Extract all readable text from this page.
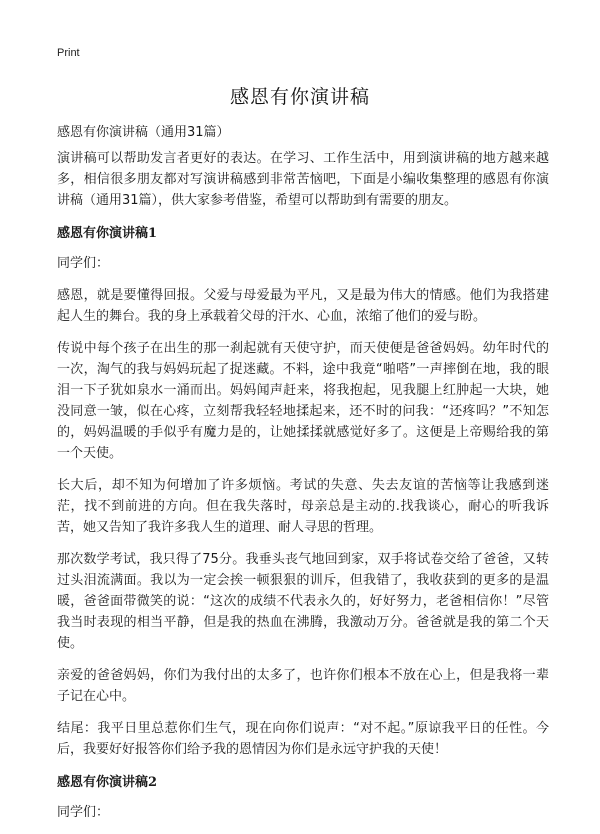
Print
感恩有你演讲稿
感恩有你演讲稿（通用31篇）

演讲稿可以帮助发言者更好的表达。在学习、工作生活中，用到演讲稿的地方越来越多，相信很多朋友都对写演讲稿感到非常苦恼吧，下面是小编收集整理的感恩有你演讲稿（通用31篇），供大家参考借鉴，希望可以帮助到有需要的朋友。

感恩有你演讲稿1

同学们：

感恩，就是要懂得回报。父爱与母爱最为平凡，又是最为伟大的情感。他们为我搭建起人生的舞台。我的身上承载着父母的汗水、心血，浓缩了他们的爱与盼。

传说中每个孩子在出生的那一刹起就有天使守护，而天使便是爸爸妈妈。幼年时代的一次，淘气的我与妈妈玩起了捉迷藏。不料，途中我竟“啪嗒”一声摔倒在地，我的眼泪一下子犹如泉水一涌而出。妈妈闻声赶来，将我抱起，见我腿上红肿起一大块，她没同意一皱，似在心疼，立刻帮我轻轻地揉起来，还不时的问我：“还疼吗？”不知怎的，妈妈温暖的手似乎有魔力是的，让她揉揉就感觉好多了。这便是上帝赐给我的第一个天使。

长大后，却不知为何增加了许多烦恼。考试的失意、失去友谊的苦恼等让我感到迷茫，找不到前进的方向。但在我失落时，母亲总是主动的.找我谈心，耐心的听我诉苦，她又告知了我许多我人生的道理、耐人寻思的哲理。

那次数学考试，我只得了75分。我垂头丧气地回到家，双手将试卷交给了爸爸，又转过头泪流满面。我以为一定会挨一顿狠狠的训斥，但我错了，我收获到的更多的是温暖，爸爸面带微笑的说：“这次的成绩不代表永久的，好好努力，老爸相信你！”尽管我当时表现的相当平静，但是我的热血在沸腾，我激动万分。爸爸就是我的第二个天使。

亲爱的爸爸妈妈，你们为我付出的太多了，也许你们根本不放在心上，但是我将一辈子记在心中。

结尾：我平日里总惹你们生气，现在向你们说声：“对不起。”原谅我平日的任性。今后，我要好好报答你们给予我的恩情因为你们是永远守护我的天使！

感恩有你演讲稿2

同学们：
